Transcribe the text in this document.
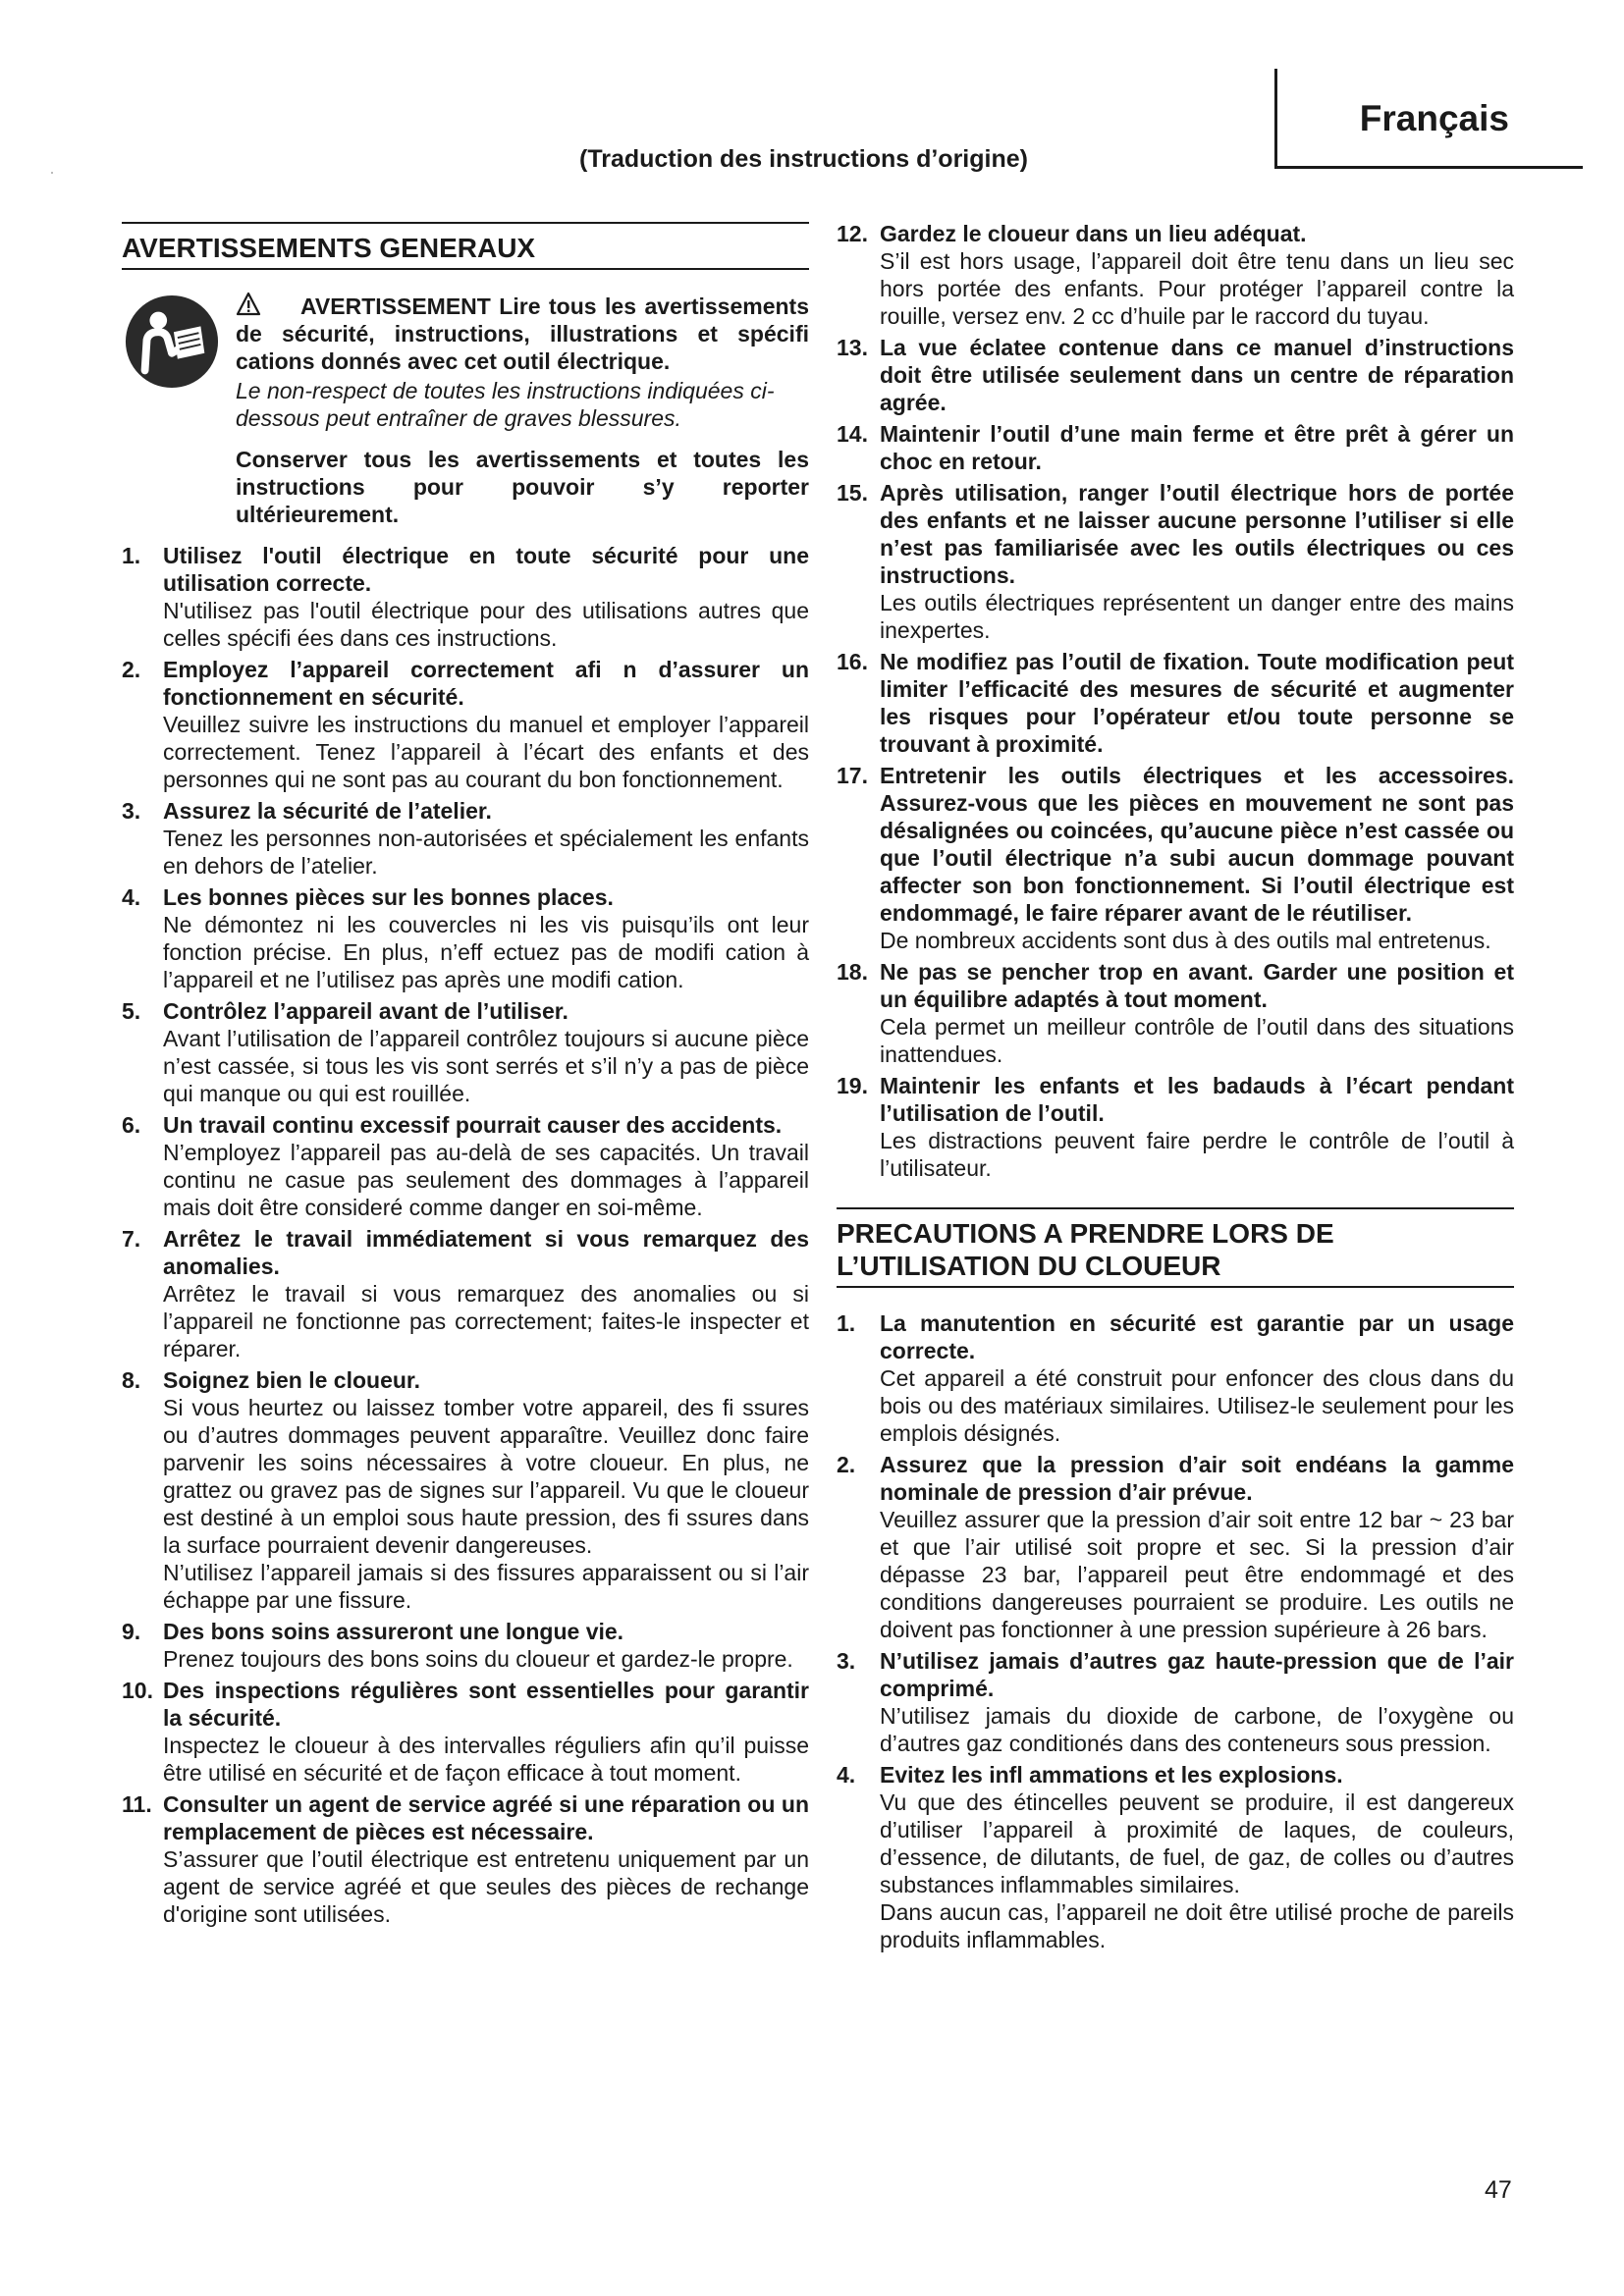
Français
(Traduction des instructions d’origine)
AVERTISSEMENTS GENERAUX
AVERTISSEMENT Lire tous les avertissements de sécurité, instructions, illustrations et spécifi cations donnés avec cet outil électrique.
Le non-respect de toutes les instructions indiquées ci-dessous peut entraîner de graves blessures.
Conserver tous les avertissements et toutes les instructions pour pouvoir s’y reporter ultérieurement.
1. Utilisez l'outil électrique en toute sécurité pour une utilisation correcte.
N'utilisez pas l'outil électrique pour des utilisations autres que celles spécifi ées dans ces instructions.
2. Employez l’appareil correctement afi n d’assurer un fonctionnement en sécurité.
Veuillez suivre les instructions du manuel et employer l’appareil correctement. Tenez l’appareil à l’écart des enfants et des personnes qui ne sont pas au courant du bon fonctionnement.
3. Assurez la sécurité de l’atelier.
Tenez les personnes non-autorisées et spécialement les enfants en dehors de l’atelier.
4. Les bonnes pièces sur les bonnes places.
Ne démontez ni les couvercles ni les vis puisqu’ils ont leur fonction précise. En plus, n’eff ectuez pas de modifi cation à l’appareil et ne l’utilisez pas après une modifi cation.
5. Contrôlez l’appareil avant de l’utiliser.
Avant l’utilisation de l’appareil contrôlez toujours si aucune pièce n’est cassée, si tous les vis sont serrés et s’il n’y a pas de pièce qui manque ou qui est rouillée.
6. Un travail continu excessif pourrait causer des accidents.
N’employez l’appareil pas au-delà de ses capacités. Un travail continu ne casue pas seulement des dommages à l’appareil mais doit être consideré comme danger en soi-même.
7. Arrêtez le travail immédiatement si vous remarquez des anomalies.
Arrêtez le travail si vous remarquez des anomalies ou si l’appareil ne fonctionne pas correctement; faites-le inspecter et réparer.
8. Soignez bien le cloueur.
Si vous heurtez ou laissez tomber votre appareil, des fi ssures ou d’autres dommages peuvent apparaître. Veuillez donc faire parvenir les soins nécessaires à votre cloueur. En plus, ne grattez ou gravez pas de signes sur l’appareil. Vu que le cloueur est destiné à un emploi sous haute pression, des fi ssures dans la surface pourraient devenir dangereuses.
N’utilisez l’appareil jamais si des fissures apparaissent ou si l’air échappe par une fissure.
9. Des bons soins assureront une longue vie.
Prenez toujours des bons soins du cloueur et gardez-le propre.
10. Des inspections régulières sont essentielles pour garantir la sécurité.
Inspectez le cloueur à des intervalles réguliers afin qu’il puisse être utilisé en sécurité et de façon efficace à tout moment.
11. Consulter un agent de service agréé si une réparation ou un remplacement de pièces est nécessaire.
S’assurer que l’outil électrique est entretenu uniquement par un agent de service agréé et que seules des pièces de rechange d'origine sont utilisées.
12. Gardez le cloueur dans un lieu adéquat.
S’il est hors usage, l’appareil doit être tenu dans un lieu sec hors portée des enfants. Pour protéger l’appareil contre la rouille, versez env. 2 cc d’huile par le raccord du tuyau.
13. La vue éclatee contenue dans ce manuel d’instructions doit être utilisée seulement dans un centre de réparation agrée.
14. Maintenir l’outil d’une main ferme et être prêt à gérer un choc en retour.
15. Après utilisation, ranger l’outil électrique hors de portée des enfants et ne laisser aucune personne l’utiliser si elle n’est pas familiarisée avec les outils électriques ou ces instructions.
Les outils électriques représentent un danger entre des mains inexpertes.
16. Ne modifiez pas l’outil de fixation. Toute modification peut limiter l’efficacité des mesures de sécurité et augmenter les risques pour l’opérateur et/ou toute personne se trouvant à proximité.
17. Entretenir les outils électriques et les accessoires. Assurez-vous que les pièces en mouvement ne sont pas désalignées ou coincées, qu’aucune pièce n’est cassée ou que l’outil électrique n’a subi aucun dommage pouvant affecter son bon fonctionnement. Si l’outil électrique est endommagé, le faire réparer avant de le réutiliser.
De nombreux accidents sont dus à des outils mal entretenus.
18. Ne pas se pencher trop en avant. Garder une position et un équilibre adaptés à tout moment.
Cela permet un meilleur contrôle de l’outil dans des situations inattendues.
19. Maintenir les enfants et les badauds à l’écart pendant l’utilisation de l’outil.
Les distractions peuvent faire perdre le contrôle de l’outil à l’utilisateur.
PRECAUTIONS A PRENDRE LORS DE L’UTILISATION DU CLOUEUR
1. La manutention en sécurité est garantie par un usage correcte.
Cet appareil a été construit pour enfoncer des clous dans du bois ou des matériaux similaires. Utilisez-le seulement pour les emplois désignés.
2. Assurez que la pression d’air soit endéans la gamme nominale de pression d’air prévue.
Veuillez assurer que la pression d’air soit entre 12 bar ~ 23 bar et que l’air utilisé soit propre et sec. Si la pression d’air dépasse 23 bar, l’appareil peut être endommagé et des conditions dangereuses pourraient se produire. Les outils ne doivent pas fonctionner à une pression supérieure à 26 bars.
3. N’utilisez jamais d’autres gaz haute-pression que de l’air comprimé.
N’utilisez jamais du dioxide de carbone, de l’oxygène ou d’autres gaz conditionés dans des conteneurs sous pression.
4. Evitez les infl ammations et les explosions.
Vu que des étincelles peuvent se produire, il est dangereux d’utiliser l’appareil à proximité de laques, de couleurs, d’essence, de dilutants, de fuel, de gaz, de colles ou d’autres substances inflammables similaires.
Dans aucun cas, l’appareil ne doit être utilisé proche de pareils produits inflammables.
47
